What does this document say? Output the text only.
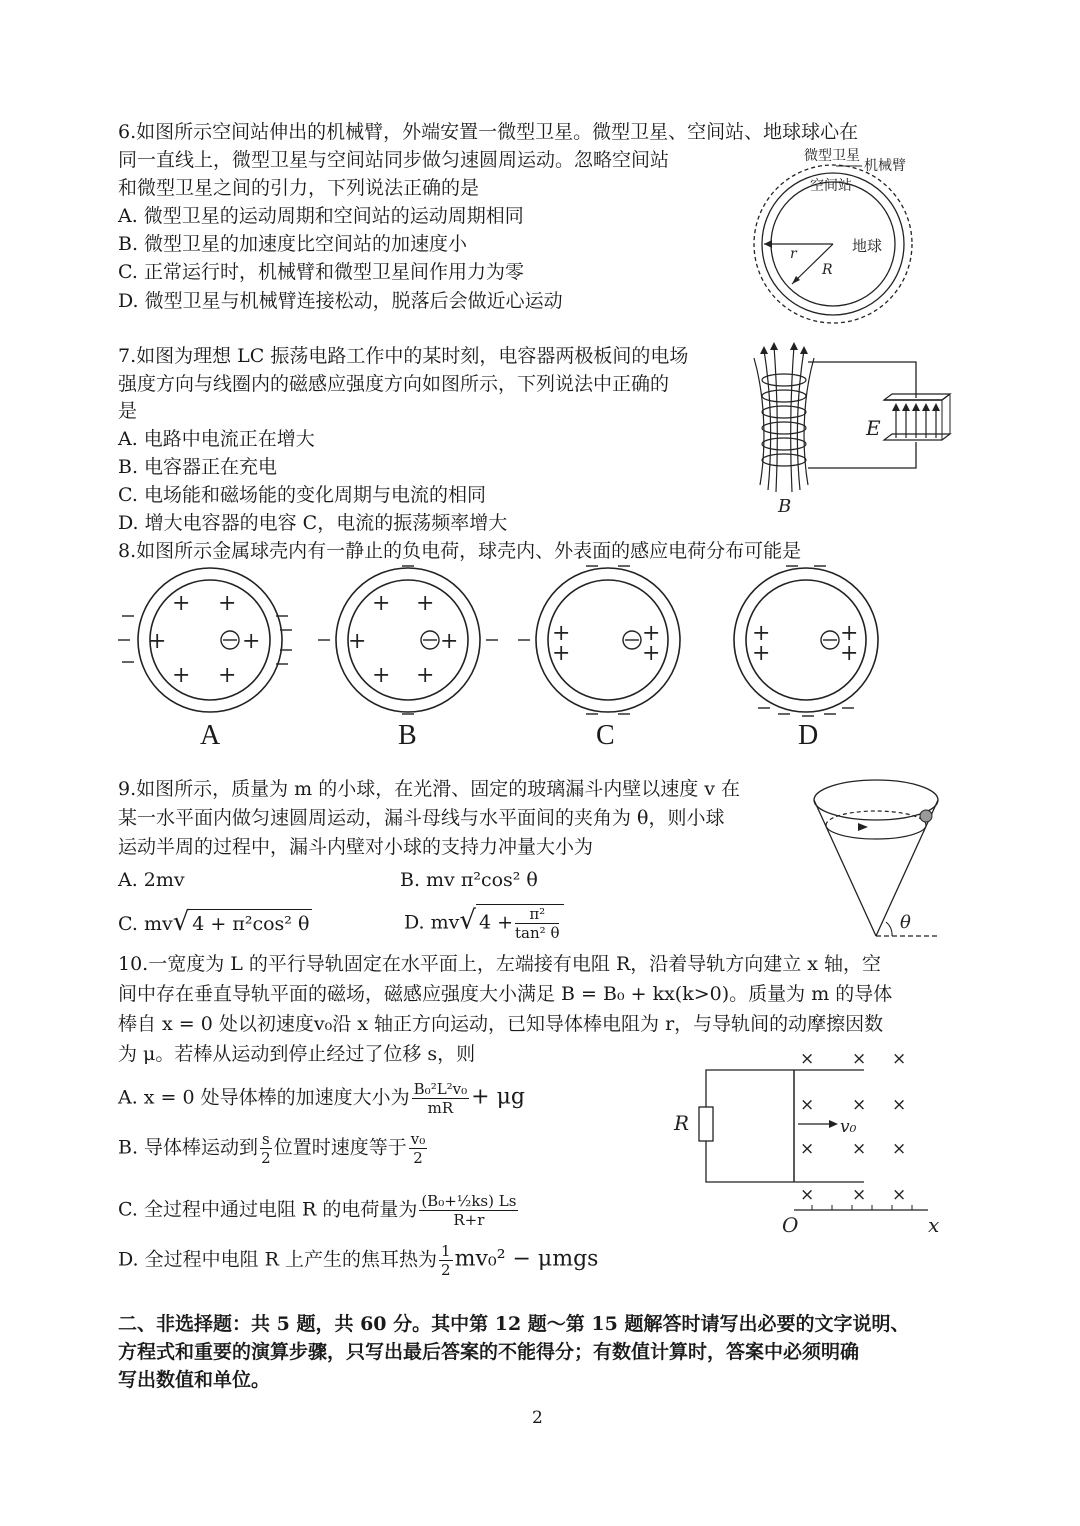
6.如图所示空间站伸出的机械臂，外端安置一微型卫星。微型卫星、空间站、地球球心在
同一直线上，微型卫星与空间站同步做匀速圆周运动。忽略空间站
和微型卫星之间的引力，下列说法正确的是
A. 微型卫星的运动周期和空间站的运动周期相同
B. 微型卫星的加速度比空间站的加速度小
C. 正常运行时，机械臂和微型卫星间作用力为零
D. 微型卫星与机械臂连接松动，脱落后会做近心运动
微型卫星
机械臂
空间站
地球
r
R
7.如图为理想 LC 振荡电路工作中的某时刻，电容器两极板间的电场
强度方向与线圈内的磁感应强度方向如图所示，下列说法中正确的
是
A. 电路中电流正在增大
B. 电容器正在充电
C. 电场能和磁场能的变化周期与电流的相同
D. 增大电容器的电容 C，电流的振荡频率增大
E
B
8.如图所示金属球壳内有一静止的负电荷，球壳内、外表面的感应电荷分布可能是
+ +
+	+
+ +
+ +
+	+
+ +
+
+
+
+
+
+
+
+
A	B	C	D
9.如图所示，质量为 m 的小球，在光滑、固定的玻璃漏斗内壁以速度 v 在
某一水平面内做匀速圆周运动，漏斗母线与水平面间的夹角为 θ，则小球
运动半周的过程中，漏斗内壁对小球的支持力冲量大小为
A. 2mv	B. mv π²cos² θ
C. mv√ 4 + π²cos² θ	D. mv√ $4 + \frac{\text{π²}}{\text{tan² θ}}$	θ
10.一宽度为 L 的平行导轨固定在水平面上，左端接有电阻 R，沿着导轨方向建立 x 轴，空
间中存在垂直导轨平面的磁场，磁感应强度大小满足 B = B₀ + kx(k>0)。质量为 m 的导体
棒自 x = 0 处以初速度v₀沿 x 轴正方向运动，已知导体棒电阻为 r，与导轨间的动摩擦因数
为 μ。若棒从运动到停止经过了位移 s，则
A. x = 0 处导体棒的加速度大小为 $\frac{\text{B₀²L²v₀}}{mR} + \mu g$
B. 导体棒运动到 $\frac{s}{2}$ 位置时速度等于 $\frac{\text{v₀}}{2}$
C. 全过程中通过电阻 R 的电荷量为 $\frac{\text{(B₀+½ks) Ls}}{R+r}$
D. 全过程中电阻 R 上产生的焦耳热为 $\frac{1}{2} mv_0^2 - \mu mgs$
R	v₀
× × ×
× × ×
× × ×
× × ×
O	x
二、非选择题：共 5 题，共 60 分。其中第 12 题～第 15 题解答时请写出必要的文字说明、
方程式和重要的演算步骤，只写出最后答案的不能得分；有数值计算时，答案中必须明确
写出数值和单位。
2
